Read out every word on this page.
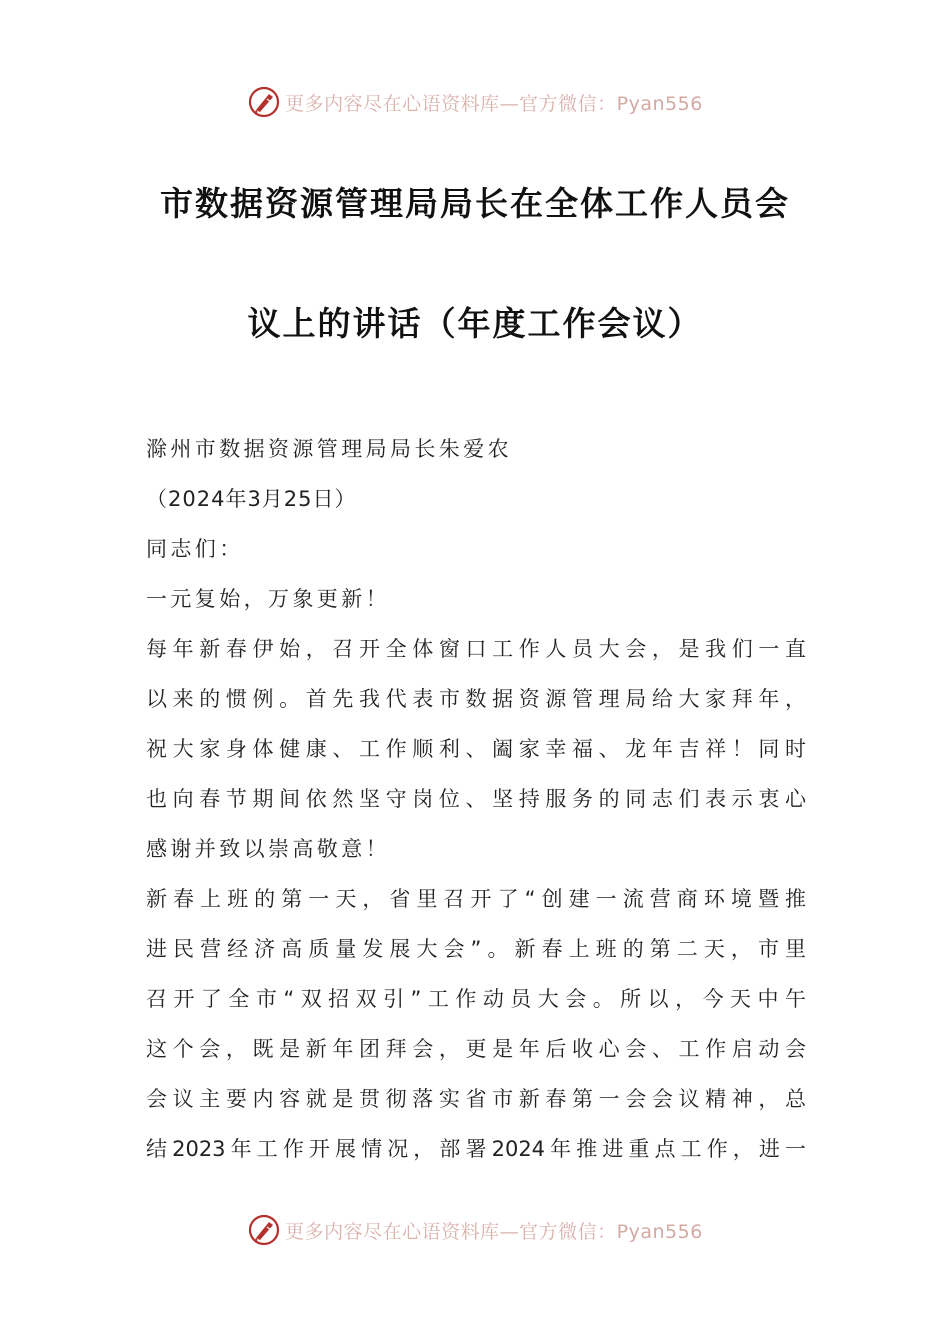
更多内容尽在心语资料库—官方微信：Pyan556
市数据资源管理局局长在全体工作人员会
议上的讲话（年度工作会议）
滁州市数据资源管理局局长朱爱农
（2024年3月25日）
同志们：
一元复始，万象更新！
每年新春伊始，召开全体窗口工作人员大会，是我们一直
以来的惯例。首先我代表市数据资源管理局给大家拜年，
祝大家身体健康、工作顺利、阖家幸福、龙年吉祥！同时
也向春节期间依然坚守岗位、坚持服务的同志们表示衷心
感谢并致以崇高敬意！
新春上班的第一天，省里召开了“创建一流营商环境暨推
进民营经济高质量发展大会”。新春上班的第二天，市里
召开了全市“双招双引”工作动员大会。所以，今天中午
这个会，既是新年团拜会，更是年后收心会、工作启动会
会议主要内容就是贯彻落实省市新春第一会会议精神，总
结2023年工作开展情况，部署2024年推进重点工作，进一
更多内容尽在心语资料库—官方微信：Pyan556
